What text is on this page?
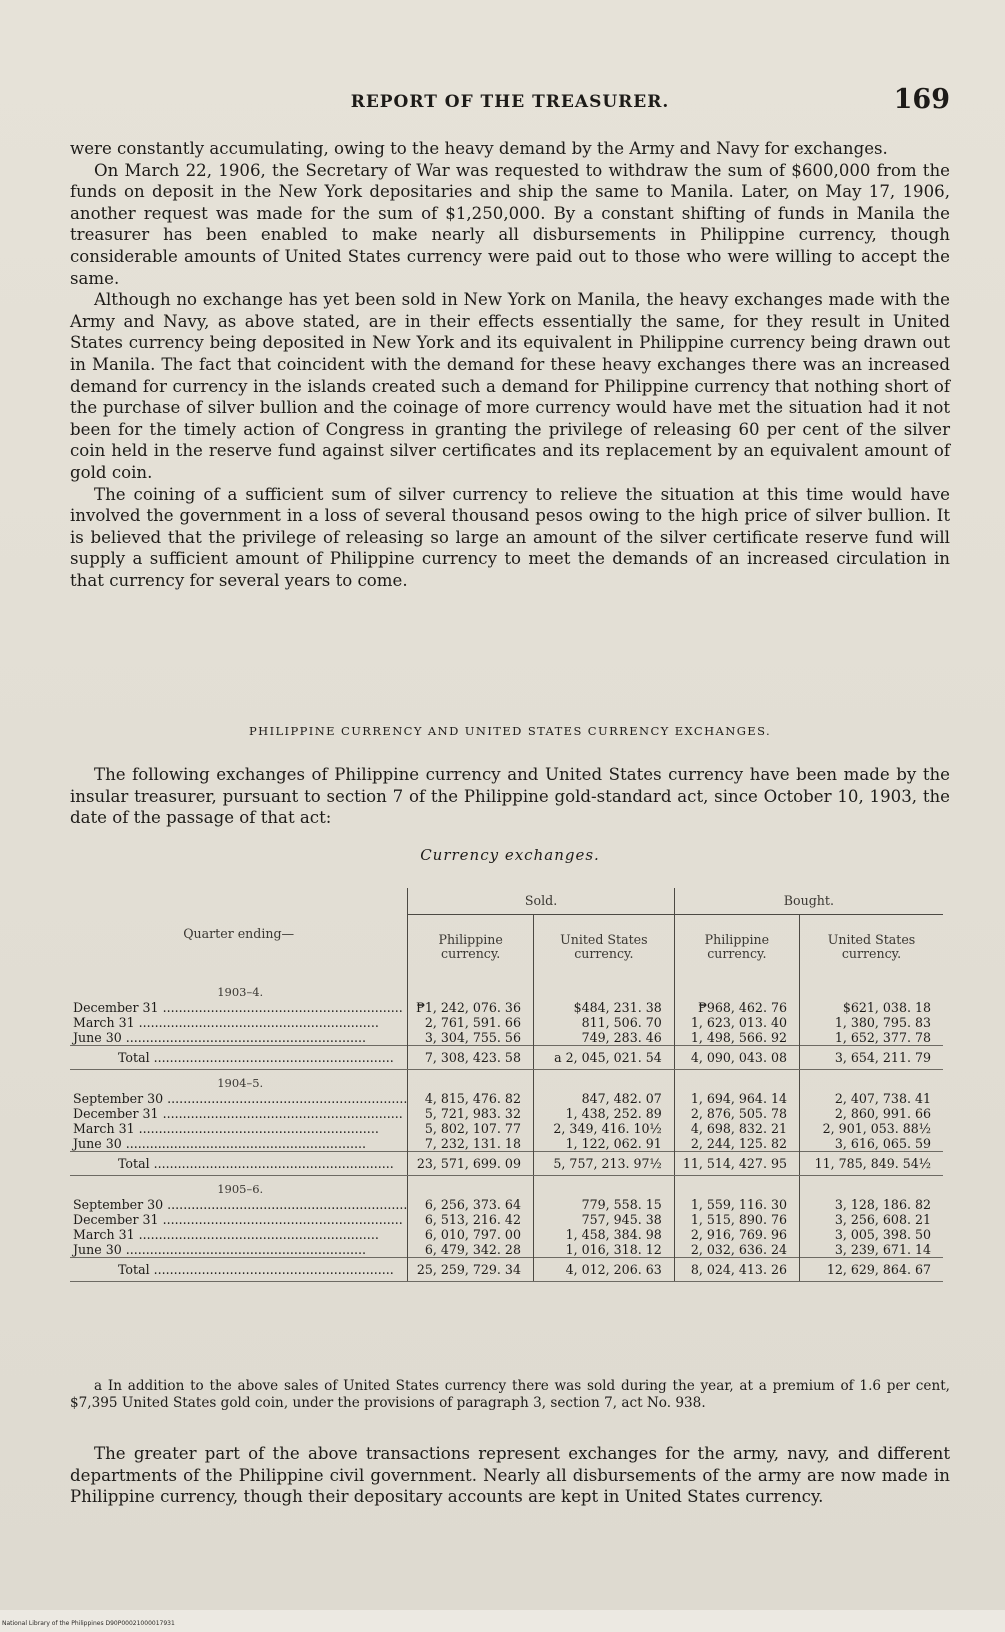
REPORT OF THE TREASURER.	169

were constantly accumulating, owing to the heavy demand by the Army and Navy for exchanges.

On March 22, 1906, the Secretary of War was requested to withdraw the sum of $600,000 from the funds on deposit in the New York depositaries and ship the same to Manila. Later, on May 17, 1906, another request was made for the sum of $1,250,000. By a constant shifting of funds in Manila the treasurer has been enabled to make nearly all disbursements in Philippine currency, though considerable amounts of United States currency were paid out to those who were willing to accept the same.

Although no exchange has yet been sold in New York on Manila, the heavy exchanges made with the Army and Navy, as above stated, are in their effects essentially the same, for they result in United States currency being deposited in New York and its equivalent in Philippine currency being drawn out in Manila. The fact that coincident with the demand for these heavy exchanges there was an increased demand for currency in the islands created such a demand for Philippine currency that nothing short of the purchase of silver bullion and the coinage of more currency would have met the situation had it not been for the timely action of Congress in granting the privilege of releasing 60 per cent of the silver coin held in the reserve fund against silver certificates and its replacement by an equivalent amount of gold coin.

The coining of a sufficient sum of silver currency to relieve the situation at this time would have involved the government in a loss of several thousand pesos owing to the high price of silver bullion. It is believed that the privilege of releasing so large an amount of the silver certificate reserve fund will supply a sufficient amount of Philippine currency to meet the demands of an increased circulation in that currency for several years to come.

PHILIPPINE CURRENCY AND UNITED STATES CURRENCY EXCHANGES.
The following exchanges of Philippine currency and United States currency have been made by the insular treasurer, pursuant to section 7 of the Philippine gold-standard act, since October 10, 1903, the date of the passage of that act:
Currency exchanges.
Quarter ending—	Sold.		Bought.	
	Philippine currency.	United States currency.	Philippine currency.	United States currency.
1903–4.				
December 31 ............................................................	₱1, 242, 076. 36	$484, 231. 38	₱968, 462. 76	$621, 038. 18
March 31 ............................................................	2, 761, 591. 66	811, 506. 70	1, 623, 013. 40	1, 380, 795. 83
June 30 ............................................................	3, 304, 755. 56	749, 283. 46	1, 498, 566. 92	1, 652, 377. 78
Total ............................................................	7, 308, 423. 58	a 2, 045, 021. 54	4, 090, 043. 08	3, 654, 211. 79
1904–5.				
September 30 ............................................................	4, 815, 476. 82	847, 482. 07	1, 694, 964. 14	2, 407, 738. 41
December 31 ............................................................	5, 721, 983. 32	1, 438, 252. 89	2, 876, 505. 78	2, 860, 991. 66
March 31 ............................................................	5, 802, 107. 77	2, 349, 416. 10½	4, 698, 832. 21	2, 901, 053. 88½
June 30 ............................................................	7, 232, 131. 18	1, 122, 062. 91	2, 244, 125. 82	3, 616, 065. 59
Total ............................................................	23, 571, 699. 09	5, 757, 213. 97½	11, 514, 427. 95	11, 785, 849. 54½
1905–6.				
September 30 ............................................................	6, 256, 373. 64	779, 558. 15	1, 559, 116. 30	3, 128, 186. 82
December 31 ............................................................	6, 513, 216. 42	757, 945. 38	1, 515, 890. 76	3, 256, 608. 21
March 31 ............................................................	6, 010, 797. 00	1, 458, 384. 98	2, 916, 769. 96	3, 005, 398. 50
June 30 ............................................................	6, 479, 342. 28	1, 016, 318. 12	2, 032, 636. 24	3, 239, 671. 14
Total ............................................................	25, 259, 729. 34	4, 012, 206. 63	8, 024, 413. 26	12, 629, 864. 67
a In addition to the above sales of United States currency there was sold during the year, at a premium of 1.6 per cent, $7,395 United States gold coin, under the provisions of paragraph 3, section 7, act No. 938.
The greater part of the above transactions represent exchanges for the army, navy, and different departments of the Philippine civil government. Nearly all disbursements of the army are now made in Philippine currency, though their depositary accounts are kept in United States currency.
National Library of the Philippines D90P00021000017931
